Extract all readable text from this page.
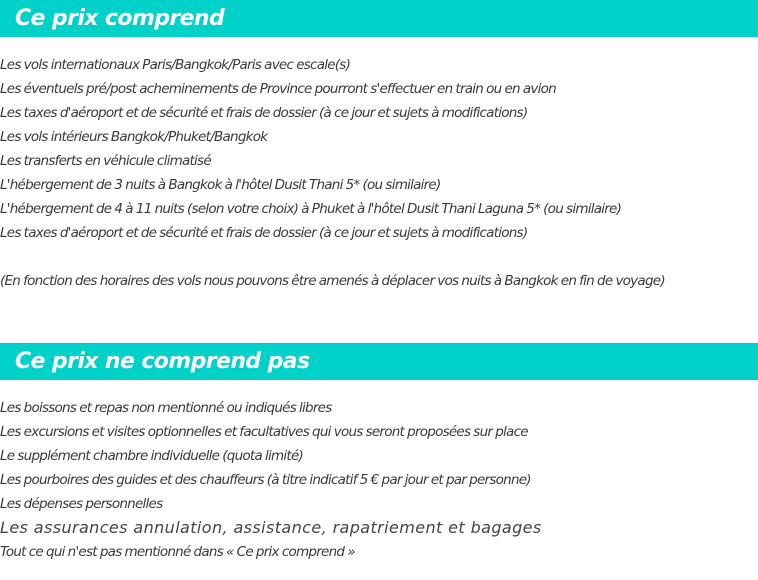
Ce prix comprend
Les vols internationaux Paris/Bangkok/Paris avec escale(s)
Les éventuels pré/post acheminements de Province pourront s'effectuer en train ou en avion
Les taxes d'aéroport et de sécurité et frais de dossier (à ce jour et sujets à modifications)
Les vols intérieurs Bangkok/Phuket/Bangkok
Les transferts en véhicule climatisé
L'hébergement de 3 nuits à Bangkok à l'hôtel Dusit Thani 5* (ou similaire)
L'hébergement de 4 à 11 nuits (selon votre choix) à Phuket à l'hôtel Dusit Thani Laguna 5* (ou similaire)
Les taxes d'aéroport et de sécurité et frais de dossier (à ce jour et sujets à modifications)
(En fonction des horaires des vols nous pouvons être amenés à déplacer vos nuits à Bangkok en fin de voyage)
Ce prix ne comprend pas
Les boissons et repas non mentionné ou indiqués libres
Les excursions et visites optionnelles et facultatives qui vous seront proposées sur place
Le supplément chambre individuelle (quota limité)
Les pourboires des guides et des chauffeurs (à titre indicatif 5 € par jour et par personne)
Les dépenses personnelles
Les assurances annulation, assistance, rapatriement et bagages
Tout ce qui n'est pas mentionné dans « Ce prix comprend »
